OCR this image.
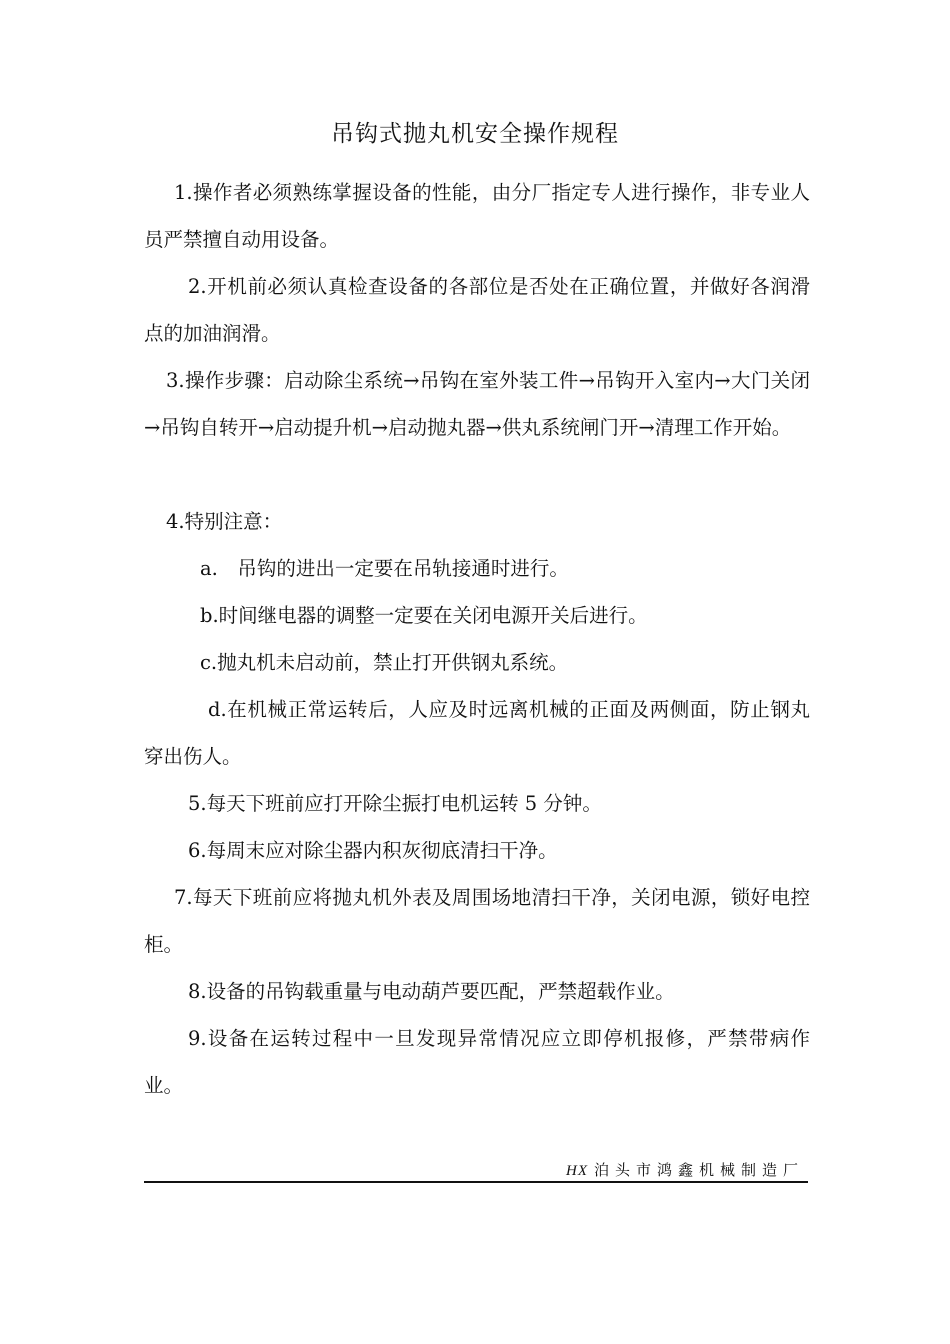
吊钩式抛丸机安全操作规程
1.操作者必须熟练掌握设备的性能，由分厂指定专人进行操作，非专业人员严禁擅自动用设备。
2.开机前必须认真检查设备的各部位是否处在正确位置，并做好各润滑点的加油润滑。
3.操作步骤：启动除尘系统→吊钩在室外装工件→吊钩开入室内→大门关闭→吊钩自转开→启动提升机→启动抛丸器→供丸系统闸门开→清理工作开始。
4.特别注意：
a.　吊钩的进出一定要在吊轨接通时进行。
b.时间继电器的调整一定要在关闭电源开关后进行。
c.抛丸机未启动前，禁止打开供钢丸系统。
d.在机械正常运转后，人应及时远离机械的正面及两侧面，防止钢丸穿出伤人。
5.每天下班前应打开除尘振打电机运转 5 分钟。
6.每周末应对除尘器内积灰彻底清扫干净。
7.每天下班前应将抛丸机外表及周围场地清扫干净，关闭电源，锁好电控柜。
8.设备的吊钩载重量与电动葫芦要匹配，严禁超载作业。
9.设备在运转过程中一旦发现异常情况应立即停机报修，严禁带病作业。
HX 泊头市鸿鑫机械制造厂
